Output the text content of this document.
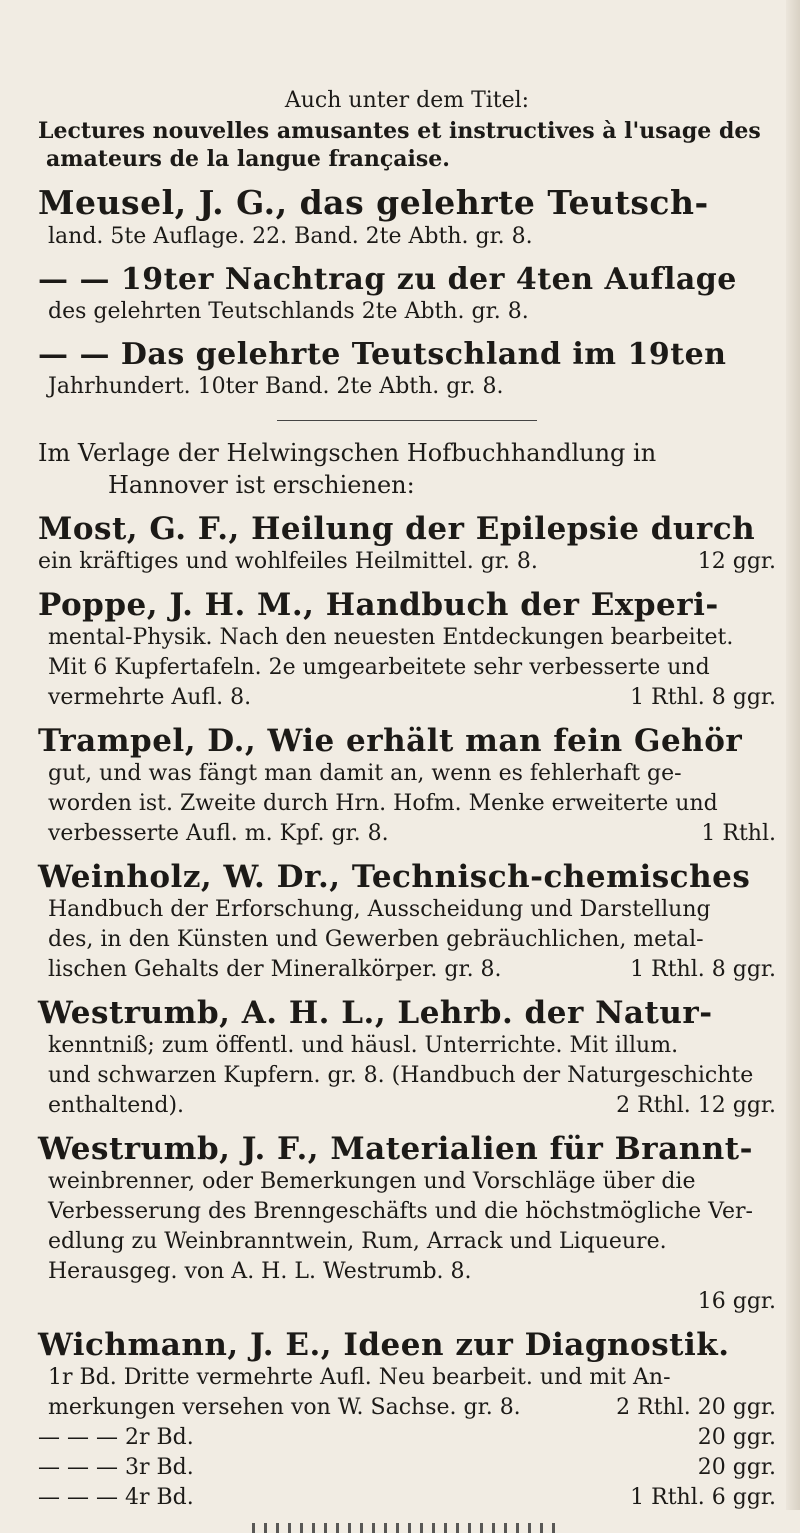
Auch unter dem Titel:
Lectures nouvelles amusantes et instructives à l'usage des
amateurs de la langue française.
Meusel, J. G., das gelehrte Teutsch-
land. 5te Auflage. 22. Band. 2te Abth. gr. 8.
— — 19ter Nachtrag zu der 4ten Auflage
des gelehrten Teutschlands 2te Abth. gr. 8.
— — Das gelehrte Teutschland im 19ten
Jahrhundert. 10ter Band. 2te Abth. gr. 8.
Im Verlage der Helwingschen Hofbuchhandlung in
Hannover ist erschienen:
Most, G. F., Heilung der Epilepsie durch
ein kräftiges und wohlfeiles Heilmittel. gr. 8.	12 ggr.
Poppe, J. H. M., Handbuch der Experi-
mental-Physik. Nach den neuesten Entdeckungen bearbeitet.
Mit 6 Kupfertafeln. 2e umgearbeitete sehr verbesserte und
vermehrte Aufl. 8.	1 Rthl. 8 ggr.
Trampel, D., Wie erhält man fein Gehör
gut, und was fängt man damit an, wenn es fehlerhaft ge-
worden ist. Zweite durch Hrn. Hofm. Menke erweiterte und
verbesserte Aufl. m. Kpf. gr. 8.	1 Rthl.
Weinholz, W. Dr., Technisch-chemisches
Handbuch der Erforschung, Ausscheidung und Darstellung
des, in den Künsten und Gewerben gebräuchlichen, metal-
lischen Gehalts der Mineralkörper. gr. 8.	1 Rthl. 8 ggr.
Westrumb, A. H. L., Lehrb. der Natur-
kenntniß; zum öffentl. und häusl. Unterrichte. Mit illum.
und schwarzen Kupfern. gr. 8. (Handbuch der Naturgeschichte
enthaltend).	2 Rthl. 12 ggr.
Westrumb, J. F., Materialien für Brannt-
weinbrenner, oder Bemerkungen und Vorschläge über die
Verbesserung des Brenngeschäfts und die höchstmögliche Ver-
edlung zu Weinbranntwein, Rum, Arrack und Liqueure.
Herausgeg. von A. H. L. Westrumb. 8.
16 ggr.
Wichmann, J. E., Ideen zur Diagnostik.
1r Bd. Dritte vermehrte Aufl. Neu bearbeit. und mit An-
merkungen versehen von W. Sachse. gr. 8.	2 Rthl. 20 ggr.
— — — 2r Bd.	20 ggr.
— — — 3r Bd.	20 ggr.
— — — 4r Bd.	1 Rthl. 6 ggr.
